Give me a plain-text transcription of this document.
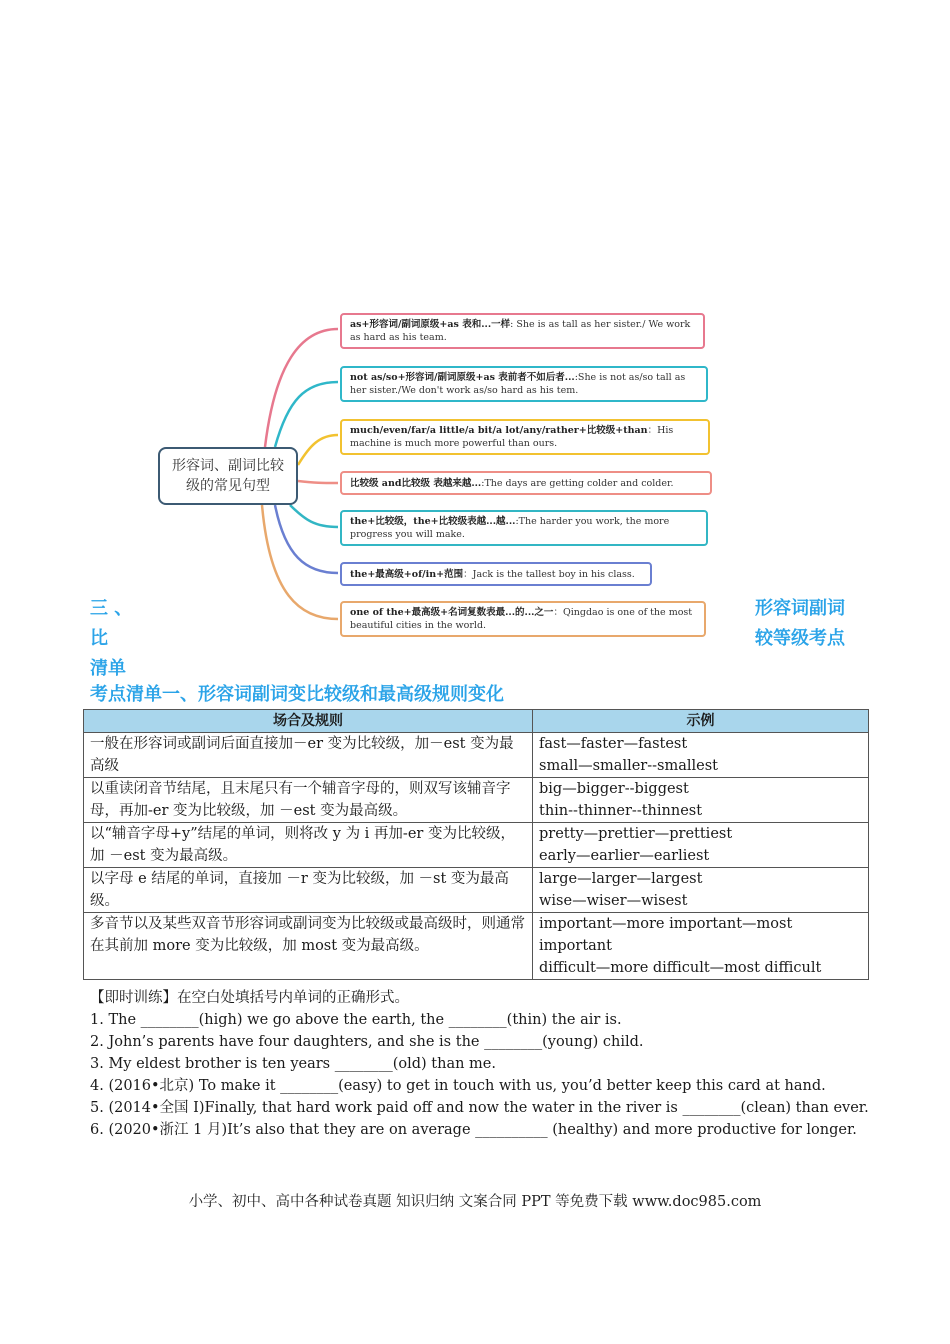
形容词、副词比较级的常见句型
as+形容词/副词原级+as 表和...一样: She is as tall as her sister./ We work as hard as his team.
not as/so+形容词/副词原级+as 表前者不如后者...:She is not as/so tall as her sister./We don't work as/so hard as his tem.
much/even/far/a little/a bit/a lot/any/rather+比较级+than：His machine is much more powerful than ours.
比较级 and比较级 表越来越...:The days are getting colder and colder.
the+比较级，the+比较级表越...越...:The harder you work, the more progress you will make.
the+最高级+of/in+范围：Jack is the tallest boy in his class.
one of the+最高级+名词复数表最...的...之一：Qingdao is one of the most beautiful cities in the world.
三 、
比
清单
形容词副词
较等级考点
考点清单一、形容词副词变比较级和最高级规则变化
场合及规则	示例
一般在形容词或副词后面直接加－er 变为比较级，加－est 变为最高级	fast—faster—fastest
small—smaller--smallest

以重读闭音节结尾，且末尾只有一个辅音字母的，则双写该辅音字母，再加-er 变为比较级，加 －est 变为最高级。	big—bigger--biggest
thin--thinner--thinnest

以“辅音字母+y”结尾的单词，则将改 y 为 i 再加-er 变为比较级，加 －est 变为最高级。	pretty—prettier—prettiest
early—earlier—earliest

以字母 e 结尾的单词，直接加 －r 变为比较级，加 －st 变为最高级。	large—larger—largest
wise—wiser—wisest

多音节以及某些双音节形容词或副词变为比较级或最高级时，则通常在其前加 more 变为比较级，加 most 变为最高级。	important—more important—most important
difficult—more difficult—most difficult
【即时训练】在空白处填括号内单词的正确形式。
1. The ________(high) we go above the earth, the ________(thin) the air is.
2. John’s parents have four daughters, and she is the ________(young) child.
3. My eldest brother is ten years ________(old) than me.
4. (2016•北京) To make it ________(easy) to get in touch with us, you’d better keep this card at hand.
5. (2014•全国 I)Finally, that hard work paid off and now the water in the river is ________(clean) than ever.
6. (2020•浙江 1 月)It’s also that they are on average __________ (healthy) and more productive for longer.
小学、初中、高中各种试卷真题 知识归纳 文案合同 PPT 等免费下载 www.doc985.com
